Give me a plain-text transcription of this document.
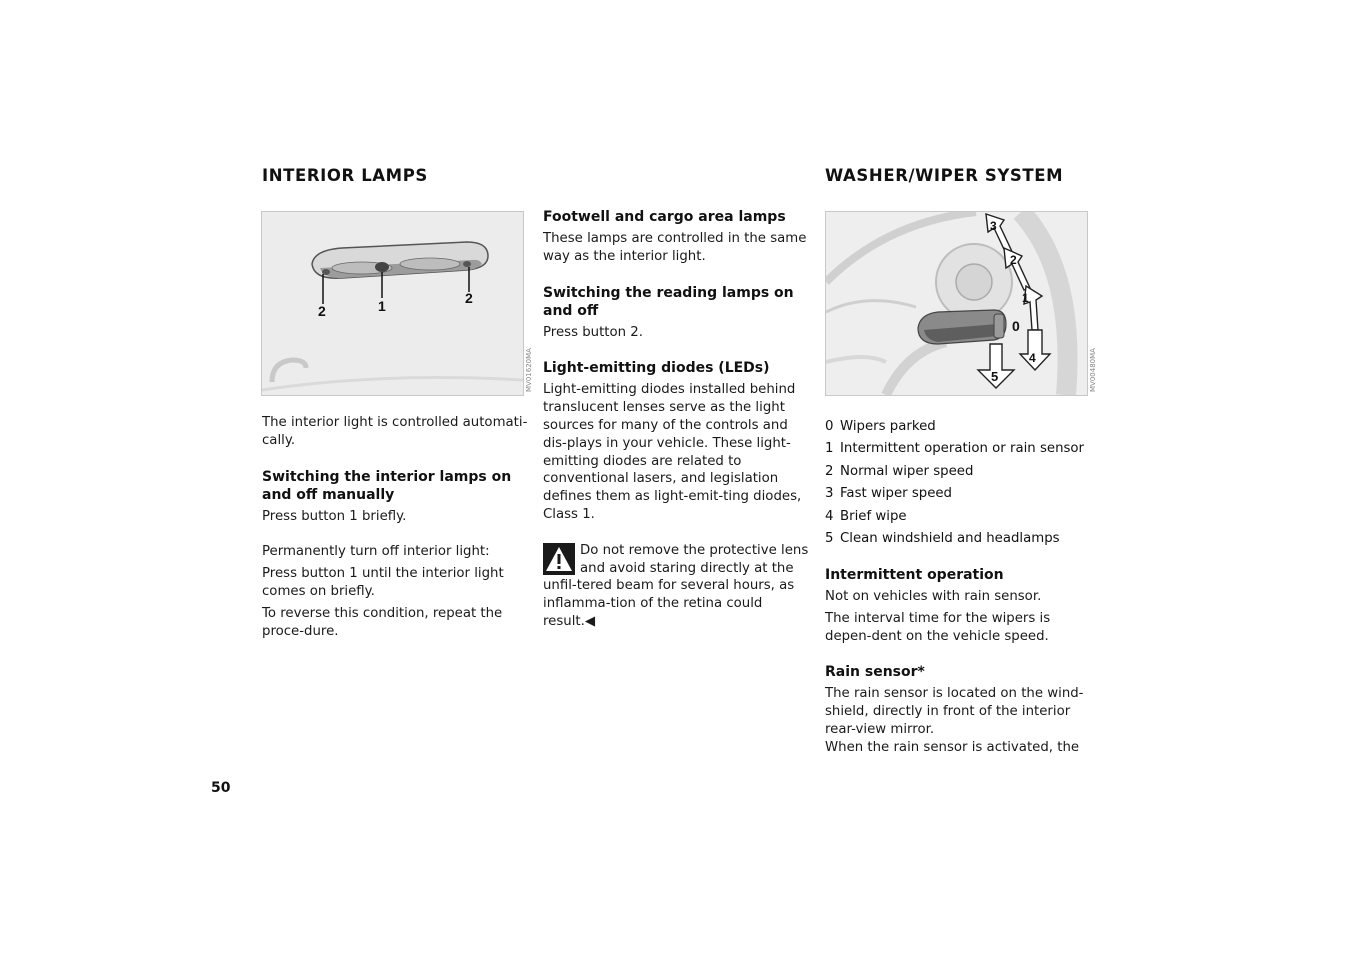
INTERIOR LAMPS	WASHER/WIPER SYSTEM
2	1	2
MV01620MA

The interior light is controlled automati-cally.

Switching the interior lamps on and off manually

Press button 1 briefly.

Permanently turn off interior light:

Press button 1 until the interior light comes on briefly.

To reverse this condition, repeat the proce-dure.

Footwell and cargo area lamps

These lamps are controlled in the same way as the interior light.

Switching the reading lamps on and off

Press button 2.

Light-emitting diodes (LEDs)

Light-emitting diodes installed behind translucent lenses serve as the light sources for many of the controls and dis-plays in your vehicle. These light-emitting diodes are related to conventional lasers, and legislation defines them as light-emit-ting diodes, Class 1.

Do not remove the protective lens and avoid staring directly at the unfil-tered beam for several hours, as inflamma-tion of the retina could result.◀

3
2
1
0
4
5	MV00480MA
0 Wipers parked
1 Intermittent operation or rain sensor
2 Normal wiper speed
3 Fast wiper speed
4 Brief wipe
5 Clean windshield and headlamps

Intermittent operation

Not on vehicles with rain sensor.

The interval time for the wipers is depen-dent on the vehicle speed.

Rain sensor*

The rain sensor is located on the wind-shield, directly in front of the interior rear-view mirror.

When the rain sensor is activated, the

50
